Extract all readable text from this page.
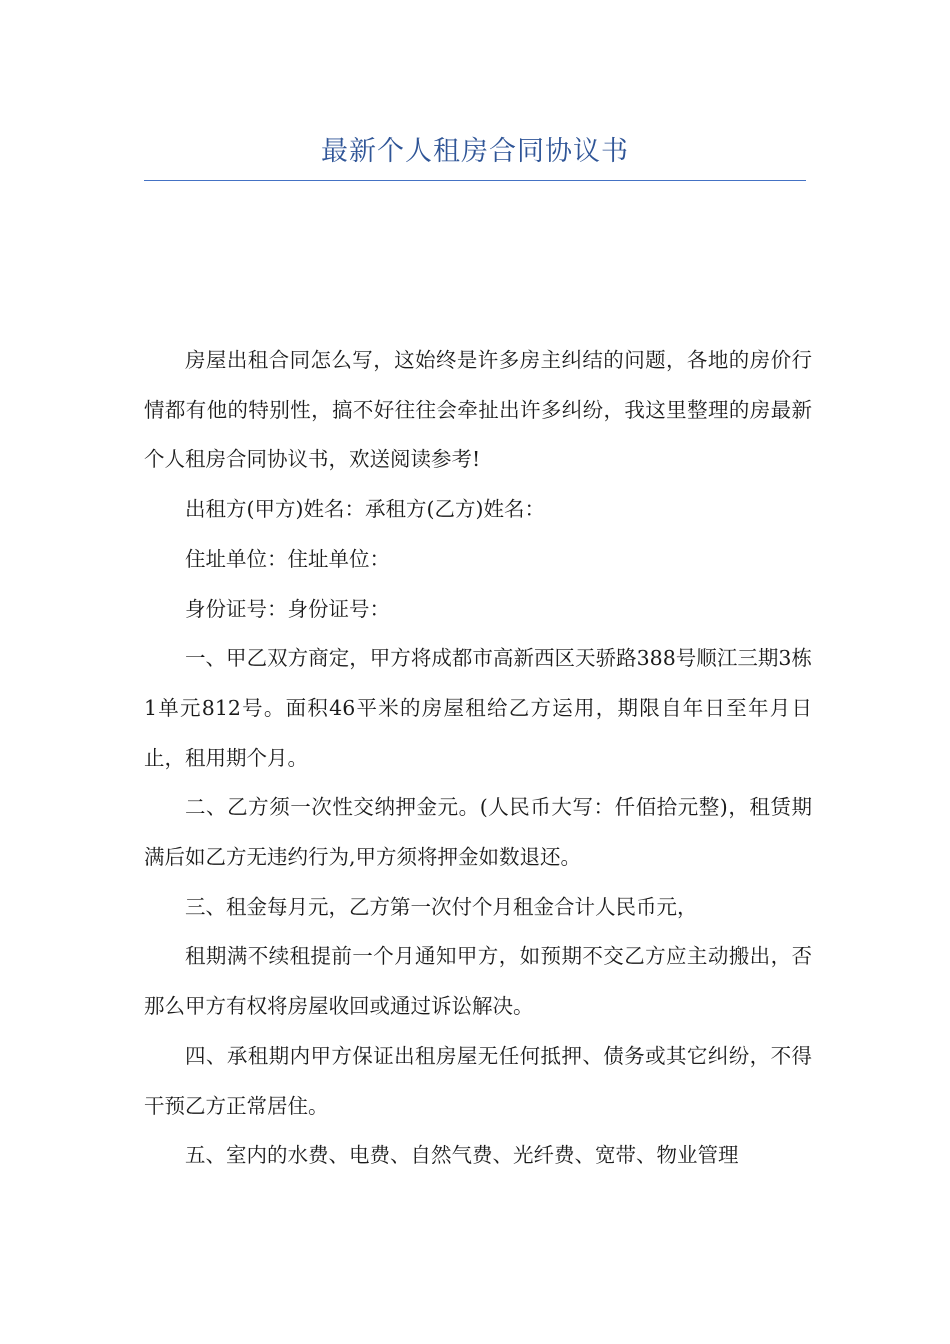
最新个人租房合同协议书

房屋出租合同怎么写，这始终是许多房主纠结的问题，各地的房价行情都有他的特别性，搞不好往往会牵扯出许多纠纷，我这里整理的房最新个人租房合同协议书，欢送阅读参考!

出租方(甲方)姓名：承租方(乙方)姓名：

住址单位：住址单位：

身份证号：身份证号：

一、甲乙双方商定，甲方将成都市高新西区天骄路388号顺江三期3栋1单元812号。面积46平米的房屋租给乙方运用，期限自年日至年月日止，租用期个月。

二、乙方须一次性交纳押金元。(人民币大写：仟佰拾元整)，租赁期满后如乙方无违约行为,甲方须将押金如数退还。

三、租金每月元，乙方第一次付个月租金合计人民币元，

租期满不续租提前一个月通知甲方，如预期不交乙方应主动搬出，否那么甲方有权将房屋收回或通过诉讼解决。

四、承租期内甲方保证出租房屋无任何抵押、债务或其它纠纷，不得干预乙方正常居住。

五、室内的水费、电费、自然气费、光纤费、宽带、物业管理
